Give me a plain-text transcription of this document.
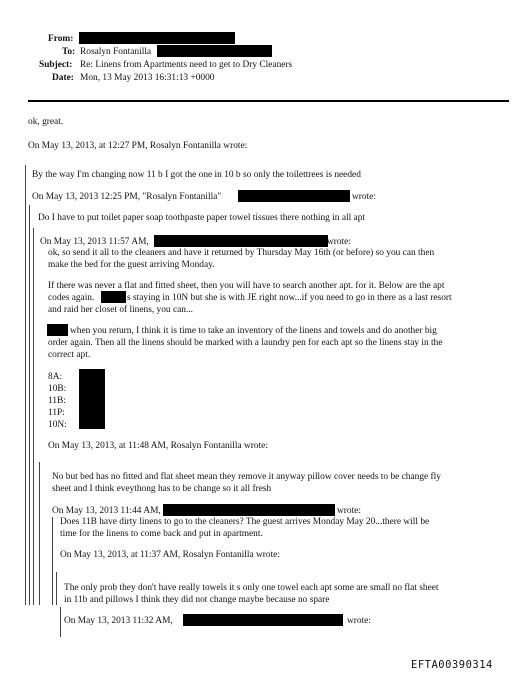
From:
To: Rosalyn Fontanilla
Subject: Re: Linens from Apartments need to get to Dry Cleaners
Date: Mon, 13 May 2013 16:31:13 +0000
ok, great.
On May 13, 2013, at 12:27 PM, Rosalyn Fontanilla wrote:
By the way I'm changing now 11 b I got the one in 10 b so only the toilettrees is needed
On May 13, 2013 12:25 PM, "Rosalyn Fontanilla"	wrote:
Do I have to put toilet paper soap toothpaste paper towel tissues there nothing in all apt
On May 13, 2013 11:57 AM,	wrote:
ok, so send it all to the cleaners and have it returned by Thursday May 16th (or before) so you can then
make the bed for the guest arriving Monday.
If there was never a flat and fitted sheet, then you will have to search another apt. for it. Below are the apt
codes again.	s staying in 10N but she is with JE right now...if you need to go in there as a last resort
and raid her closet of linens, you can...
when you return, I think it is time to take an inventory of the linens and towels and do another big
order again. Then all the linens should be marked with a laundry pen for each apt so the linens stay in the
correct apt.
8A:
10B:
11B:
11P:
10N:
On May 13, 2013, at 11:48 AM, Rosalyn Fontanilla wrote:
No but bed has no fitted and flat sheet mean they remove it anyway pillow cover needs to be change fly
sheet and I think eveythong has to be change so it all fresh
On May 13, 2013 11:44 AM,	wrote:
Does 11B have dirty linens to go to the cleaners? The guest arrives Monday May 20...there will be
time for the linens to come back and put in apartment.
On May 13, 2013, at 11:37 AM, Rosalyn Fontanilla wrote:
The only prob they don't have really towels it s only one towel each apt some are small no flat sheet
in 11b and pillows I think they did not change maybe because no spare
On May 13, 2013 11:32 AM,	wrote:
EFTA00390314
